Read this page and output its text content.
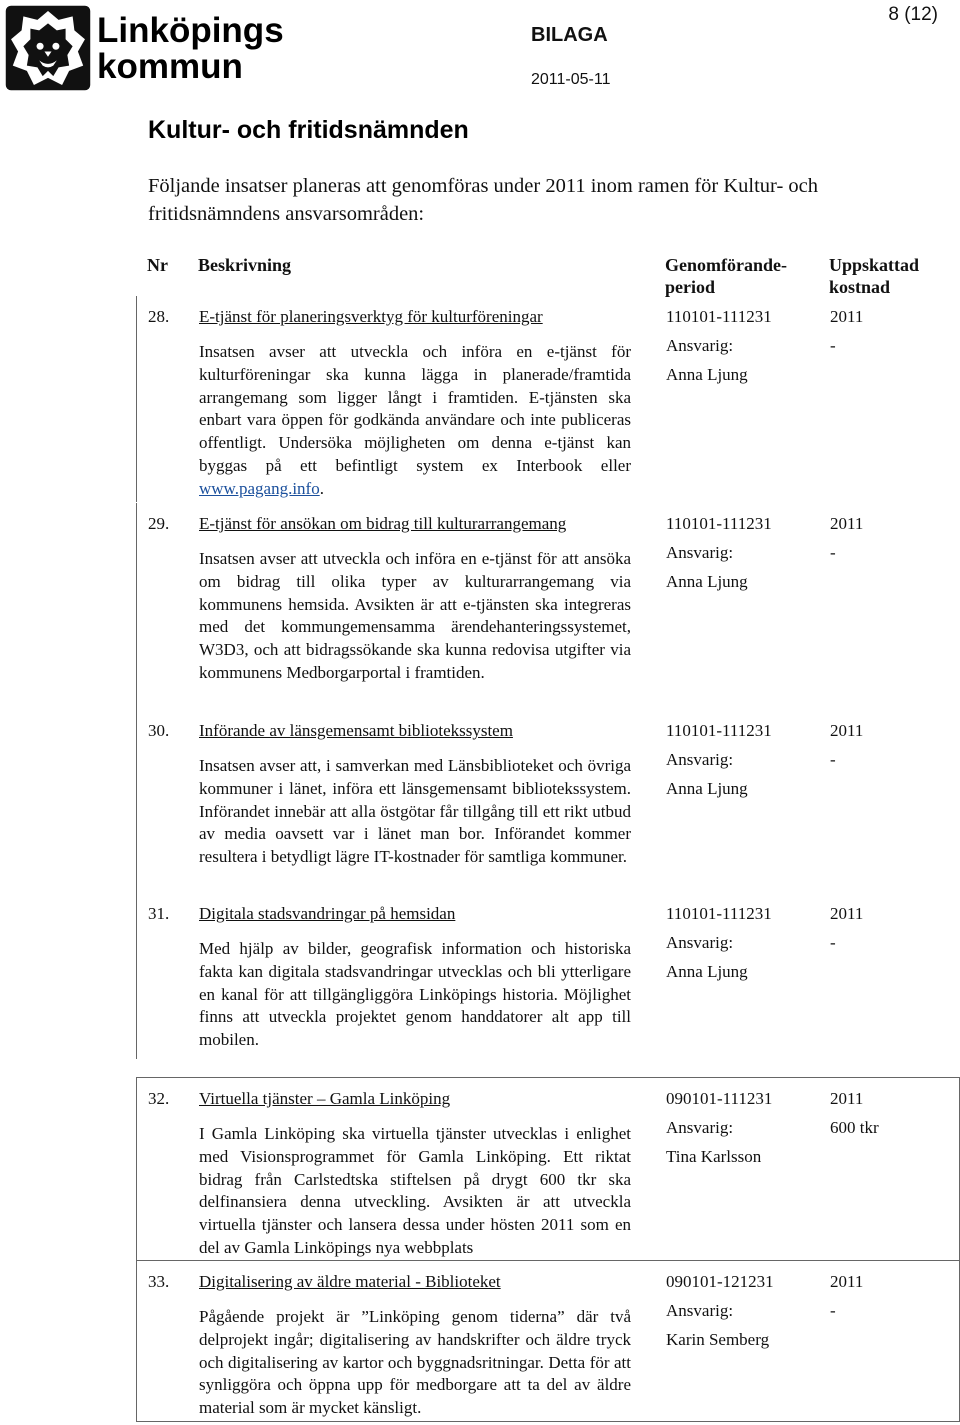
Linköpings
kommun
BILAGA
2011-05-11
8 (12)
Kultur- och fritidsnämnden
Följande insatser planeras att genomföras under 2011 inom ramen för Kultur- och fritidsnämndens ansvarsområden:
Nr Beskrivning	Genomförande-
period
Uppskattad
kostnad
28. E-tjänst för planeringsverktyg för kulturföreningar
Insatsen avser att utveckla och införa en e-tjänst för kulturföreningar ska kunna lägga in planerade/framtida arrangemang som ligger långt i framtiden. E-tjänsten ska enbart vara öppen för godkända användare och inte publiceras offentligt. Undersöka möjligheten om denna e-tjänst kan byggas på ett befintligt system ex Interbook eller www.pagang.info.
110101-111231
Ansvarig:
Anna Ljung
2011
-
29. E-tjänst för ansökan om bidrag till kulturarrangemang
Insatsen avser att utveckla och införa en e-tjänst för att ansöka om bidrag till olika typer av kulturarrangemang via kommunens hemsida. Avsikten är att e-tjänsten ska integreras med det kommungemensamma ärendehanteringssystemet, W3D3, och att bidragssökande ska kunna redovisa utgifter via kommunens Medborgarportal i framtiden.
110101-111231
Ansvarig:
Anna Ljung
2011
-
30. Införande av länsgemensamt bibliotekssystem
Insatsen avser att, i samverkan med Länsbiblioteket och övriga kommuner i länet, införa ett länsgemensamt bibliotekssystem. Införandet innebär att alla östgötar får tillgång till ett rikt utbud av media oavsett var i länet man bor. Införandet kommer resultera i betydligt lägre IT-kostnader för samtliga kommuner.
110101-111231
Ansvarig:
Anna Ljung
2011
-
31. Digitala stadsvandringar på hemsidan
Med hjälp av bilder, geografisk information och historiska fakta kan digitala stadsvandringar utvecklas och bli ytterligare en kanal för att tillgängliggöra Linköpings historia. Möjlighet finns att utveckla projektet genom handdatorer alt app till mobilen.
110101-111231
Ansvarig:
Anna Ljung
2011
-
32. Virtuella tjänster – Gamla Linköping
I Gamla Linköping ska virtuella tjänster utvecklas i enlighet med Visionsprogrammet för Gamla Linköping. Ett riktat bidrag från Carlstedtska stiftelsen på drygt 600 tkr ska delfinansiera denna utveckling. Avsikten är att utveckla virtuella tjänster och lansera dessa under hösten 2011 som en del av Gamla Linköpings nya webbplats
090101-111231
Ansvarig:
Tina Karlsson
2011
600 tkr
33. Digitalisering av äldre material - Biblioteket
Pågående projekt är ”Linköping genom tiderna” där två delprojekt ingår; digitalisering av handskrifter och äldre tryck och digitalisering av kartor och byggnadsritningar. Detta för att synliggöra och öppna upp för medborgare att ta del av äldre material som är mycket känsligt.
090101-121231
Ansvarig:
Karin Semberg
2011
-
